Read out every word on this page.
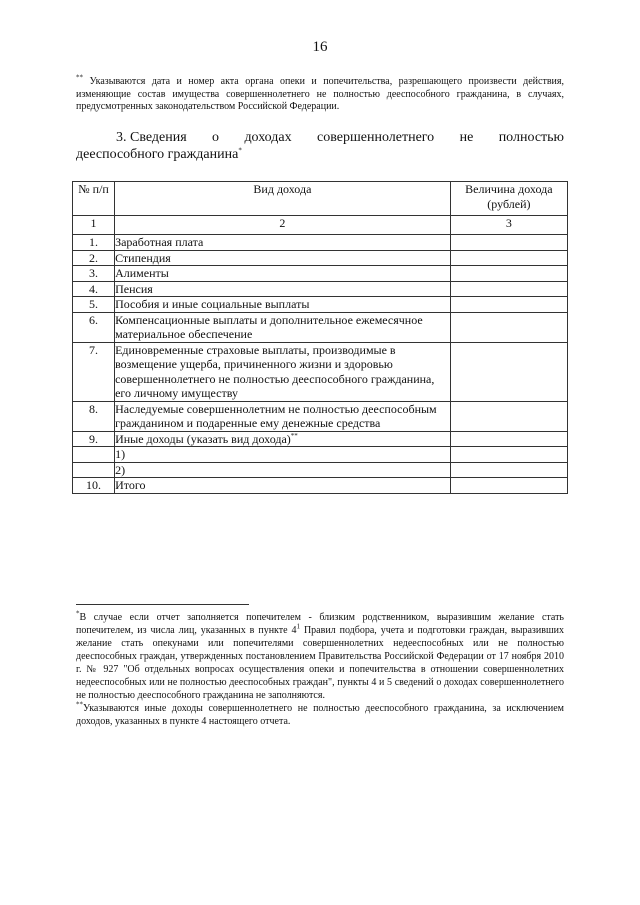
16
** Указываются дата и номер акта органа опеки и попечительства, разрешающего произвести действия, изменяющие состав имущества совершеннолетнего не полностью дееспособного гражданина, в случаях, предусмотренных законодательством Российской Федерации.
3. Сведения о доходах совершеннолетнего не полностью
дееспособного гражданина*
№ п/п	Вид дохода	Величина дохода (рублей)
1	2	3
1.	Заработная плата	
2.	Стипендия	
3.	Алименты	
4.	Пенсия	
5.	Пособия и иные социальные выплаты	
6.	Компенсационные выплаты и дополнительное ежемесячное материальное обеспечение	
7.	Единовременные страховые выплаты, производимые в возмещение ущерба, причиненного жизни и здоровью совершеннолетнего не полностью дееспособного гражданина, его личному имуществу	
8.	Наследуемые совершеннолетним не полностью дееспособным гражданином и подаренные ему денежные средства	
9.	Иные доходы (указать вид дохода)**	
	1)	
	2)	
10.	Итого	

*В случае если отчет заполняется попечителем - близким родственником, выразившим желание стать попечителем, из числа лиц, указанных в пункте $4^1$ Правил подбора, учета и подготовки граждан, выразивших желание стать опекунами или попечителями совершеннолетних недееспособных или не полностью дееспособных граждан, утвержденных постановлением Правительства Российской Федерации от 17 ноября 2010 г. № 927 "Об отдельных вопросах осуществления опеки и попечительства в отношении совершеннолетних недееспособных или не полностью дееспособных граждан", пункты 4 и 5 сведений о доходах совершеннолетнего не полностью дееспособного гражданина не заполняются.

**Указываются иные доходы совершеннолетнего не полностью дееспособного гражданина, за исключением доходов, указанных в пункте 4 настоящего отчета.
